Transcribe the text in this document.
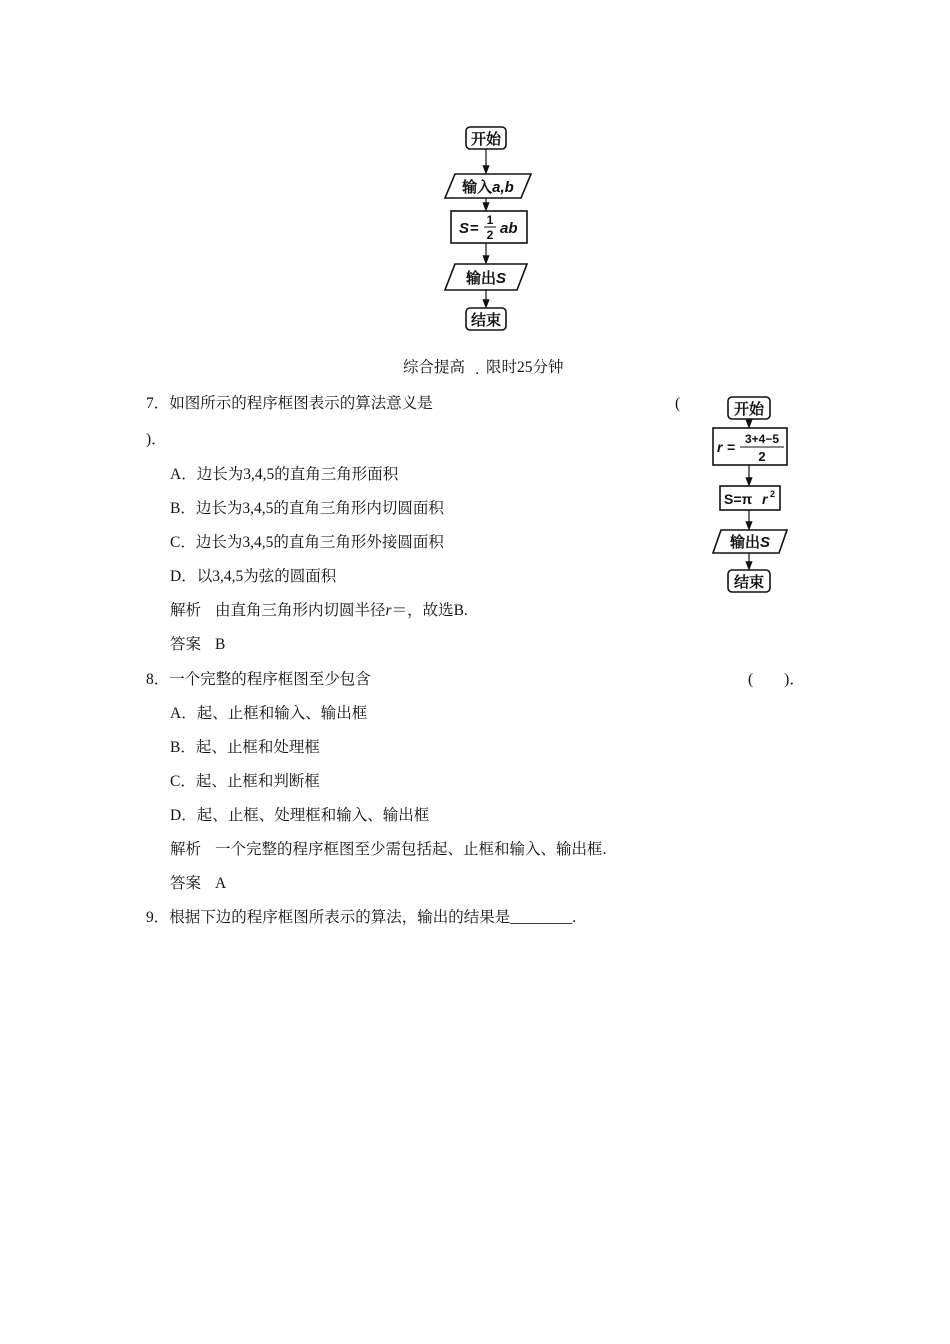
开始
输入a,b
S = 1
2 ab
输出S
结束
综合提高 . 限时25分钟
7．如图所示的程序框图表示的算法意义是	(
)．
A．边长为3,4,5的直角三角形面积
B．边长为3,4,5的直角三角形内切圆面积
C．边长为3,4,5的直角三角形外接圆面积
D．以3,4,5为弦的圆面积
解析 由直角三角形内切圆半径r＝，故选B.
答案 B
开始
r = 3+4−5
2
S=π r 2
输出S
结束
8．一个完整的程序框图至少包含	(　　)．
A．起、止框和输入、输出框
B．起、止框和处理框
C．起、止框和判断框
D．起、止框、处理框和输入、输出框
解析 一个完整的程序框图至少需包括起、止框和输入、输出框.
答案 A
9．根据下边的程序框图所表示的算法，输出的结果是________.
